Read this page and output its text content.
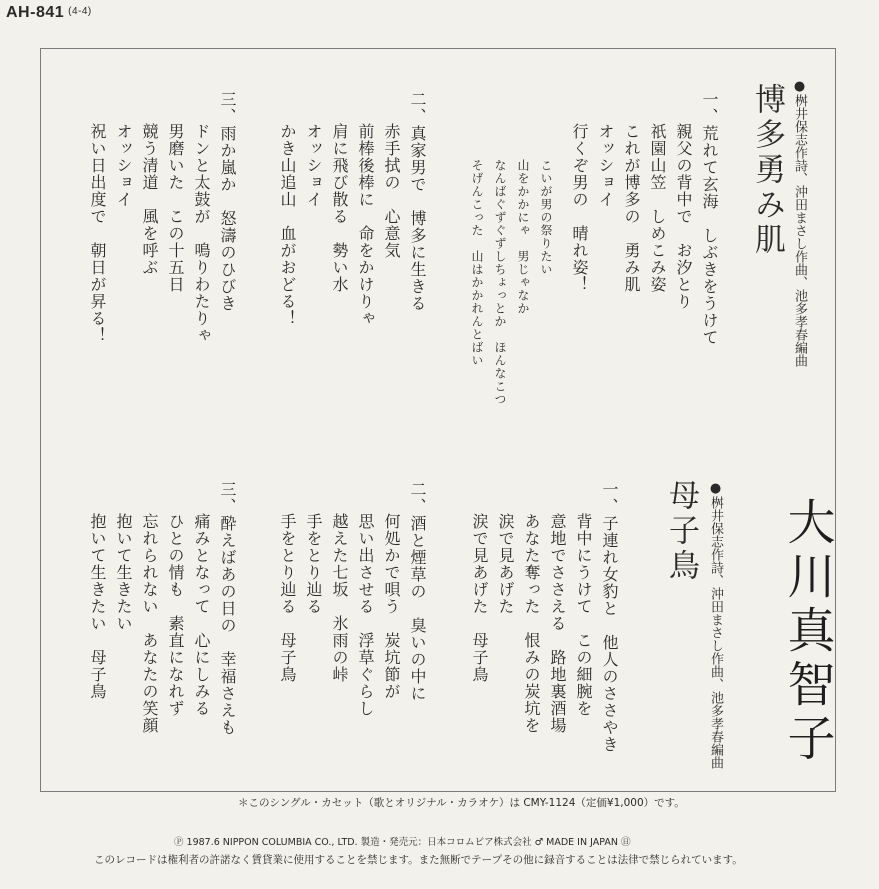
AH-841 (4-4)
●桝井保志作詩、沖田まさし作曲、池多孝春編曲
博多勇み肌
一、荒れて玄海　しぶきをうけて
親父の背中で　お汐とり
祇園山笠　しめこみ姿
これが博多の　勇み肌
オッショイ
行くぞ男の　晴れ姿！
こいが男の祭りたい
山をかかにゃ　男じゃなか
なんばぐずぐずしちょっとか　ほんなこつ
そげんこった　山はかかれんとばい
二、真家男で　博多に生きる
赤手拭の　心意気
前棒後棒に　命をかけりゃ
肩に飛び散る　勢い水
オッショイ
かき山追山　血がおどる！
三、雨か嵐か　怒濤のひびき
ドンと太鼓が　鳴りわたりゃ
男磨いた　この十五日
競う清道　風を呼ぶ
オッショイ
祝い日出度で　朝日が昇る！
大川真智子
●桝井保志作詩、沖田まさし作曲、池多孝春編曲
母子鳥
一、子連れ女豹と　他人のささやき
背中にうけて　この細腕を
意地でささえる　路地裏酒場
あなた奪った　恨みの炭坑を
涙で見あげた
涙で見あげた　母子鳥
二、酒と煙草の　臭いの中に
何処かで唄う　炭坑節が
思い出させる　浮草ぐらし
越えた七坂　氷雨の峠
手をとり辿る
手をとり辿る　母子鳥
三、酔えばあの日の　幸福さえも
痛みとなって　心にしみる
ひとの情も　素直になれず
忘れられない　あなたの笑顔
抱いて生きたい
抱いて生きたい　母子鳥
＊このシングル・カセット（歌とオリジナル・カラオケ）は CMY-1124（定価¥1,000）です。
Ⓟ 1987.6 NIPPON COLUMBIA CO., LTD. 製造・発売元：日本コロムビア株式会社 ♂ MADE IN JAPAN ㊐
このレコードは権利者の許諾なく賃貸業に使用することを禁じます。また無断でテープその他に録音することは法律で禁じられています。
